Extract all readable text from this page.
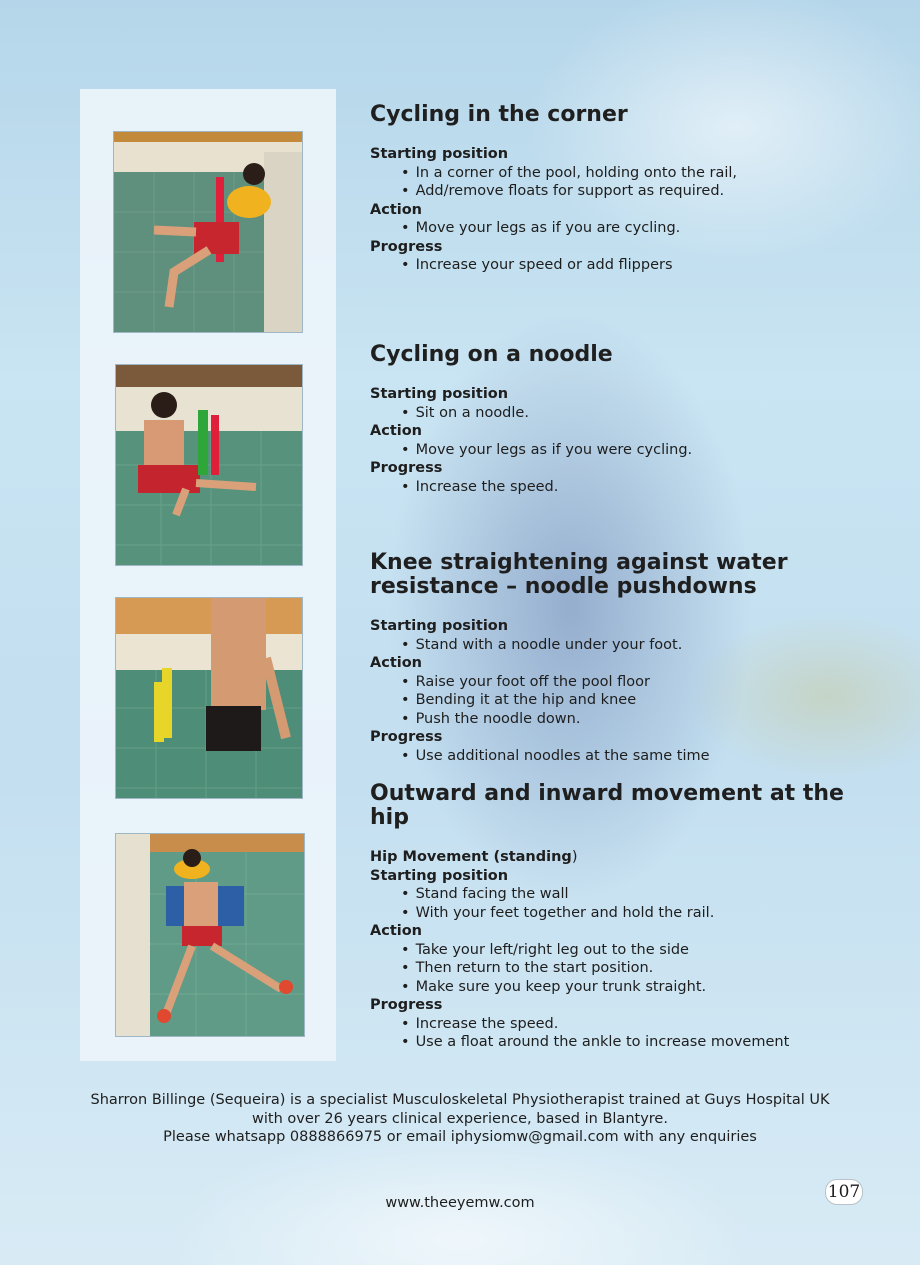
Cycling in the corner
Starting position
• In a corner of the pool, holding onto the rail,
• Add/remove floats for support as required.
Action
• Move your legs as if you are cycling.
Progress
• Increase your speed or add flippers
Cycling on a noodle
Starting position
• Sit on a noodle.
Action
• Move your legs as if you were cycling.
Progress
• Increase the speed.
Knee straightening against water resistance – noodle pushdowns
Starting position
• Stand with a noodle under your foot.
Action
• Raise your foot off the pool floor
• Bending it at the hip and knee
• Push the noodle down.
Progress
• Use additional noodles at the same time
Outward and inward movement at the hip
Hip Movement (standing)
Starting position
• Stand facing the wall
• With your feet together and hold the rail.
Action
• Take your left/right leg out to the side
• Then return to the start position.
• Make sure you keep your trunk straight.
Progress
• Increase the speed.
• Use a float around the ankle to increase movement
Sharron Billinge (Sequeira) is a specialist Musculoskeletal Physiotherapist trained at Guys Hospital UK
with over 26 years clinical experience, based in Blantyre.
Please whatsapp 0888866975 or email iphysiomw@gmail.com with any enquiries
www.theeyemw.com
107
